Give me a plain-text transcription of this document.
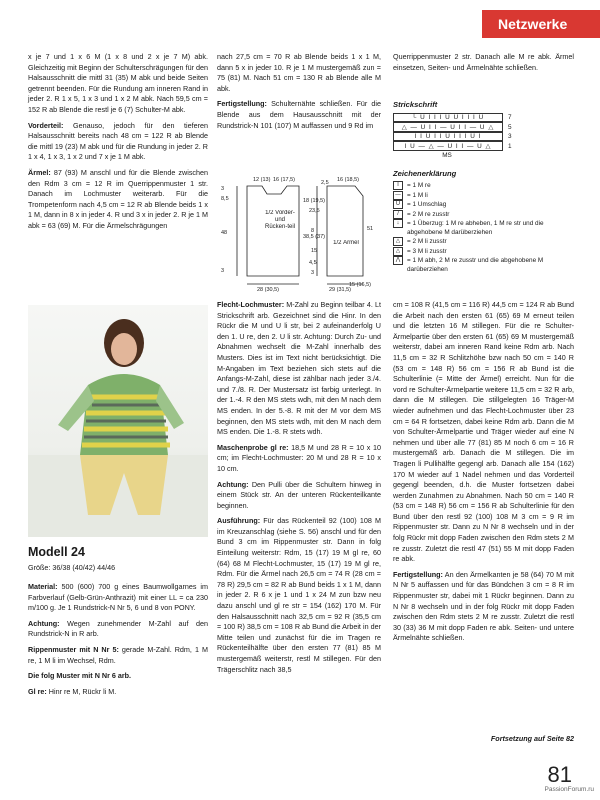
Netzwerke

x je 7 und 1 x 6 M (1 x 8 und 2 x je 7 M) abk. Gleichzeitig mit Beginn der Schulterschrägungen für den Halsausschnitt die mittl 31 (35) M abk und beide Seiten getrennt beenden. Für die Rundung am inneren Rand in jeder 2. R 1 x 5, 1 x 3 und 1 x 2 M abk. Nach 59,5 cm = 152 R ab Blende die restl je 6 (7) Schulter-M abk.

Vorderteil: Genauso, jedoch für den tieferen Halsausschnitt bereits nach 48 cm = 122 R ab Blende die mittl 19 (23) M abk und für die Rundung in jeder 2. R 1 x 4, 1 x 3, 1 x 2 und 7 x je 1 M abk.

Ärmel: 87 (93) M anschl und für die Blende zwischen den Rdm 3 cm = 12 R im Querrippenmuster 1 str. Danach im Lochmuster weiterarb. Für die Trompetenform nach 4,5 cm = 12 R ab Blende beids 1 x 1 M, dann in 8 x in jeder 4. R und 3 x in jeder 2. R je 1 M abk = 63 (69) M. Für die Ärmelschrägungen

nach 27,5 cm = 70 R ab Blende beids 1 x 1 M, dann 5 x in jeder 10. R je 1 M mustergemäß zun = 75 (81) M. Nach 51 cm = 130 R ab Blende alle M abk.

Fertigstellung: Schulternähte schließen. Für die Blende aus dem Hausausschnitt mit der Rundstrick-N 101 (107) M auffassen und 9 Rd im

12 (13) 16 (17,5)
3
8,5	18 (19,5)
48
38,5 (37)
3
28 (30,5)
16 (18,5)
2,5
23,5
51
8
15
4,5
3
29 (31,5)
15 (16,5)
1/2 Vorder- und Rücken-teil
1/2 Ärmel

Querrippenmuster 2 str. Danach alle M re abk. Ärmel einsetzen, Seiten- und Ärmelnähte schließen.

Strickschrift
└ U I I I U U I I I U	7
△ — U I I — U I I — U △	5
I I U I I U I I I U I	3
I U — △ — U I I — U △	1
MS
Zeichenerklärung
I	= 1 M re
— = 1 M li
U	= 1 Umschlag
/	= 2 M re zusstr
↓	= 1 Überzug: 1 M re abheben, 1 M re str und die abgehobene M darüberziehen
△	= 2 M li zusstr
△	= 3 M li zusstr
⋀	= 1 M abh, 2 M re zusstr und die abgehobene M darüberziehen
Modell 24
Größe: 36/38 (40/42) 44/46

Material: 500 (600) 700 g eines Baumwollgarnes im Farbverlauf (Gelb-Grün-Anthrazit) mit einer LL = ca 230 m/100 g. Je 1 Rundstrick-N Nr 5, 6 und 8 von PONY.

Achtung: Wegen zunehmender M-Zahl auf den Rundstrick-N in R arb.

Rippenmuster mit N Nr 5: gerade M-Zahl. Rdm, 1 M re, 1 M li im Wechsel, Rdm.

Die folg Muster mit N Nr 6 arb.

Gl re: Hinr re M, Rückr li M.

Flecht-Lochmuster: M-Zahl zu Beginn teilbar 4. Lt Strickschrift arb. Gezeichnet sind die Hinr. In den Rückr die M und U li str, bei 2 aufeinanderfolg U den 1. U re, den 2. U li str. Achtung: Durch Zu- und Abnahmen wechselt die M-Zahl innerhalb des Musters. Dies ist im Text nicht berücksichtigt. Die M-Angaben im Text beziehen sich stets auf die Anfangs-M-Zahl, diese ist zählbar nach jeder 3./4. und 7./8. R. Der Mustersatz ist farbig unterlegt. In der 1.-4. R den MS stets wdh, mit den M nach dem MS enden. In der 5.-8. R mit der M vor dem MS beginnen, den MS stets wdh, mit den M nach dem MS enden. Die 1.-8. R stets wdh.

Maschenprobe gl re: 18,5 M und 28 R = 10 x 10 cm; im Flecht-Lochmuster: 20 M und 28 R = 10 x 10 cm.

Achtung: Den Pulli über die Schultern hinweg in einem Stück str. An der unteren Rückenteilkante beginnen.

Ausführung: Für das Rückenteil 92 (100) 108 M im Kreuzanschlag (siehe S. 56) anschl und für den Bund 3 cm im Rippenmuster str. Dann in folg Einteilung weiterstr: Rdm, 15 (17) 19 M gl re, 60 (64) 68 M Flecht-Lochmuster, 15 (17) 19 M gl re, Rdm. Für die Ärmel nach 26,5 cm = 74 R (28 cm = 78 R) 29,5 cm = 82 R ab Bund beids 1 x 1 M, dann in jeder 2. R 6 x je 1 und 1 x 24 M zun bzw neu dazu anschl und gl re str = 154 (162) 170 M. Für den Halsausschnitt nach 32,5 cm = 92 R (35,5 cm = 100 R) 38,5 cm = 108 R ab Bund die Arbeit in der Mitte teilen und zunächst für die im Tragen re Rückenteilhälfte über den ersten 77 (81) 85 M mustergemäß weiterstr, restl M stillegen. Für den Trägerschlitz nach 38,5

cm = 108 R (41,5 cm = 116 R) 44,5 cm = 124 R ab Bund die Arbeit nach den ersten 61 (65) 69 M erneut teilen und die letzten 16 M stillegen. Für die re Schulter-Ärmelpartie über den ersten 61 (65) 69 M mustergemäß weiterstr, dabei am inneren Rand keine Rdm arb. Nach 11,5 cm = 32 R Schlitzhöhe bzw nach 50 cm = 140 R (53 cm = 148 R) 56 cm = 156 R ab Bund ist die Schulterlinie (= Mitte der Ärmel) erreicht. Nun für die vord re Schulter-Ärmelpartie weitere 11,5 cm = 32 R arb, dann die M stillegen. Die stillgelegten 16 Träger-M wieder aufnehmen und das Flecht-Lochmuster über 23 cm = 64 R fortsetzen, dabei keine Rdm arb. Dann die M von Schulter-Ärmelpartie und Träger wieder auf eine N nehmen und über alle 77 (81) 85 M noch 6 cm = 16 R mustergemäß arb. Danach die M stillegen. Die im Tragen li Pullihälfte gegengl arb. Danach alle 154 (162) 170 M wieder auf 1 Nadel nehmen und das Vorderteil gegengl beenden, d.h. die Muster fortsetzen dabei werden Zunahmen zu Abnahmen. Nach 50 cm = 140 R (53 cm = 148 R) 56 cm = 156 R ab Schulterlinie für den Bund über den restl 92 (100) 108 M 3 cm = 9 R im Rippenmuster str. Dann zu N Nr 8 wechseln und in der folg Rückr mit dopp Faden zwischen den Rdm stets 2 M re zusstr. Zuletzt die restl 47 (51) 55 M mit dopp Faden re abk.

Fertigstellung: An den Ärmelkanten je 58 (64) 70 M mit N Nr 5 auffassen und für das Bündchen 3 cm = 8 R im Rippenmuster str, dabei mit 1 Rückr beginnen. Dann zu N Nr 8 wechseln und in der folg Rückr mit dopp Faden zwischen den Rdm stets 2 M re zusstr. Zuletzt die restl 30 (33) 36 M mit dopp Faden re abk. Seiten- und untere Ärmelnähte schließen.

Fortsetzung auf Seite 82
81
PassionForum.ru
